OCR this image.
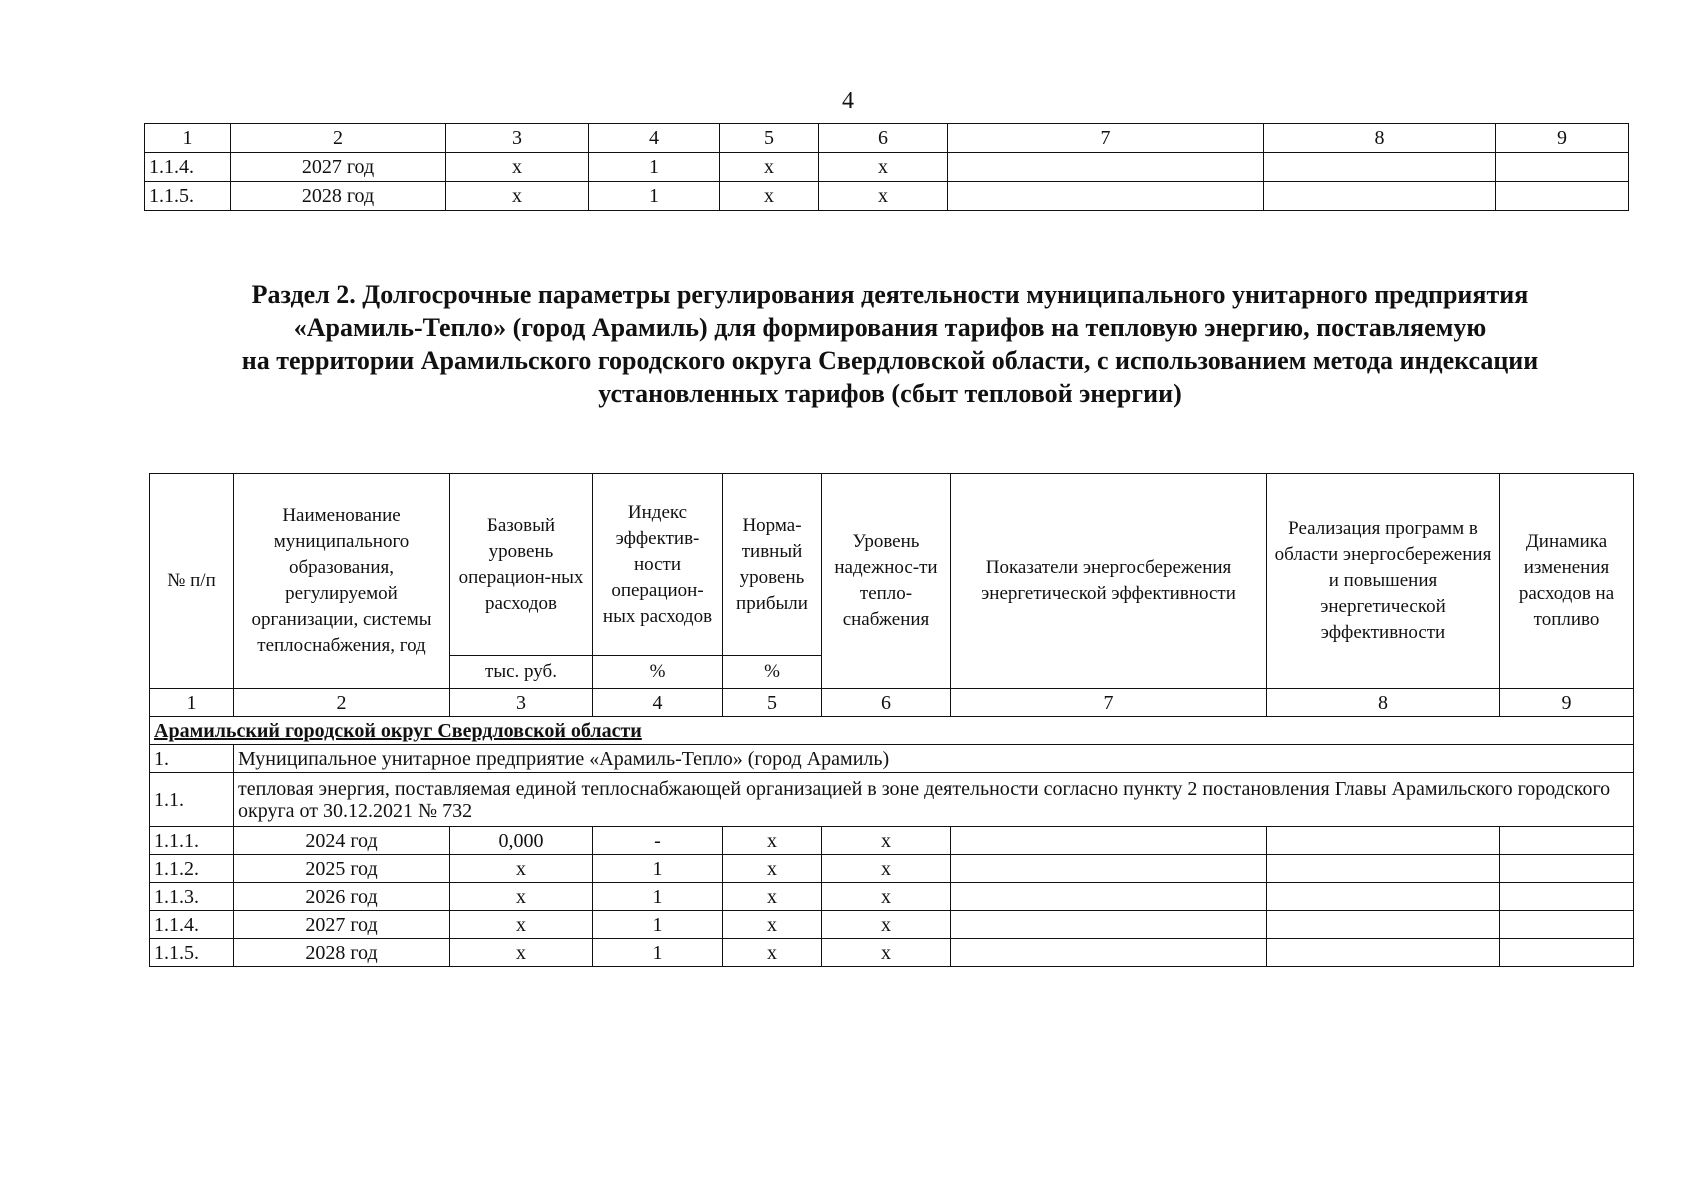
4
1	2	3	4	5	6	7	8	9
1.1.4.	2027 год	x	1	x	x			
1.1.5.	2028 год	x	1	x	x			
Раздел 2. Долгосрочные параметры регулирования деятельности муниципального унитарного предприятия
«Арамиль-Тепло» (город Арамиль) для формирования тарифов на тепловую энергию, поставляемую
на территории Арамильского городского округа Свердловской области, с использованием метода индексации
установленных тарифов (сбыт тепловой энергии)
№ п/п	Наименование муниципального образования, регулируемой организации, системы теплоснабжения, год	Базовый уровень операцион-ных расходов	Индекс эффектив-ности операцион-ных расходов	Норма-тивный уровень прибыли	Уровень надежнос-ти тепло-снабжения	Показатели энергосбережения энергетической эффективности	Реализация программ в области энергосбережения и повышения энергетической эффективности	Динамика изменения расходов на топливо
		тыс. руб.	%	%				
1	2	3	4	5	6	7	8	9
Арамильский городской округ Свердловской области								
1.	Муниципальное унитарное предприятие «Арамиль-Тепло» (город Арамиль)							
1.1.	тепловая энергия, поставляемая единой теплоснабжающей организацией в зоне деятельности согласно пункту 2 постановления Главы Арамильского городского округа от 30.12.2021 № 732							
1.1.1.	2024 год	0,000	-	x	x			
1.1.2.	2025 год	x	1	x	x			
1.1.3.	2026 год	x	1	x	x			
1.1.4.	2027 год	x	1	x	x			
1.1.5.	2028 год	x	1	x	x			
